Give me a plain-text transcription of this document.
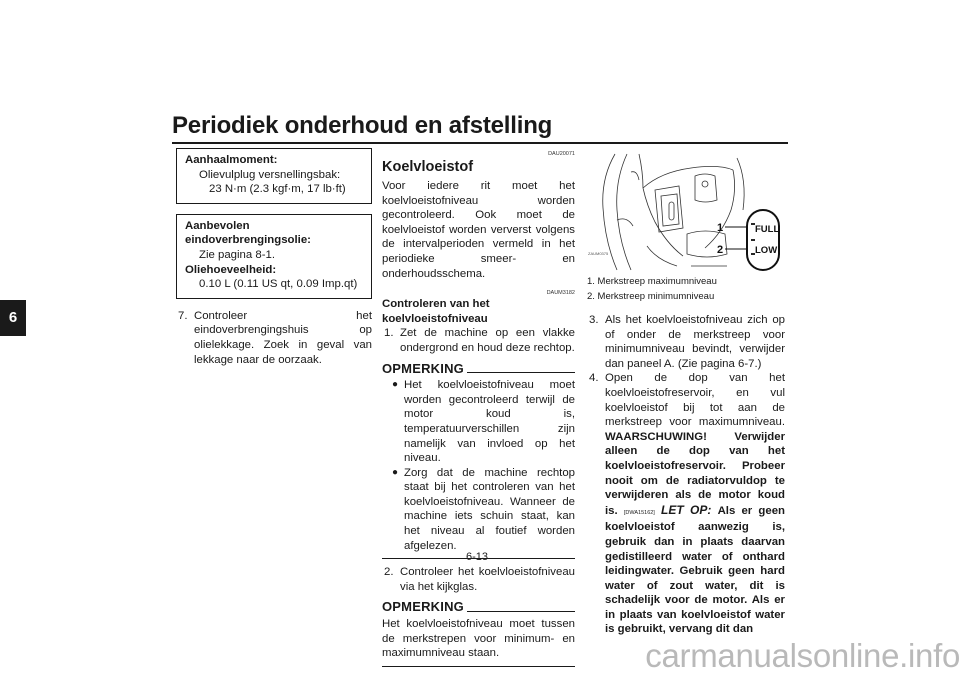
Periodiek onderhoud en afstelling
6
Aanhaalmoment:
Olievulplug versnellingsbak:
23 N·m (2.3 kgf·m, 17 lb·ft)
Aanbevolen eindoverbrengingsolie:
Zie pagina 8-1.
Oliehoeveelheid:
0.10 L (0.11 US qt, 0.09 Imp.qt)
7. Controleer het eindoverbrengingshuis op olielekkage. Zoek in geval van lekkage naar de oorzaak.
DAU20071
Koelvloeistof
Voor iedere rit moet het koelvloeistofniveau worden gecontroleerd. Ook moet de koelvloeistof worden ververst volgens de intervalperioden vermeld in het periodieke smeer- en onderhoudsschema.
DAUM3182
Controleren van het koelvloeistofniveau
1. Zet de machine op een vlakke ondergrond en houd deze rechtop.
OPMERKING
● Het koelvloeistofniveau moet worden gecontroleerd terwijl de motor koud is, temperatuurverschillen zijn namelijk van invloed op het niveau.
● Zorg dat de machine rechtop staat bij het controleren van het koelvloeistofniveau. Wanneer de machine iets schuin staat, kan het niveau al foutief worden afgelezen.
2. Controleer het koelvloeistofniveau via het kijkglas.
OPMERKING
Het koelvloeistofniveau moet tussen de merkstrepen voor minimum- en maximumniveau staan.
FULL
LOW
1
2
ZAUM0375
1. Merkstreep maximumniveau
2. Merkstreep minimumniveau
3. Als het koelvloeistofniveau zich op of onder de merkstreep voor minimumniveau bevindt, verwijder dan paneel A. (Zie pagina 6-7.)
4. Open de dop van het koelvloeistofreservoir, en vul koelvloeistof bij tot aan de merkstreep voor maximumniveau. WAARSCHUWING! Verwijder alleen de dop van het koelvloeistofreservoir. Probeer nooit om de radiatorvuldop te verwijderen als de motor koud is. [DWA15162] LET OP: Als er geen koelvloeistof aanwezig is, gebruik dan in plaats daarvan gedistilleerd water of onthard leidingwater. Gebruik geen hard water of zout water, dit is schadelijk voor de motor. Als er in plaats van koelvloeistof water is gebruikt, vervang dit dan
6-13
carmanualsonline.info
